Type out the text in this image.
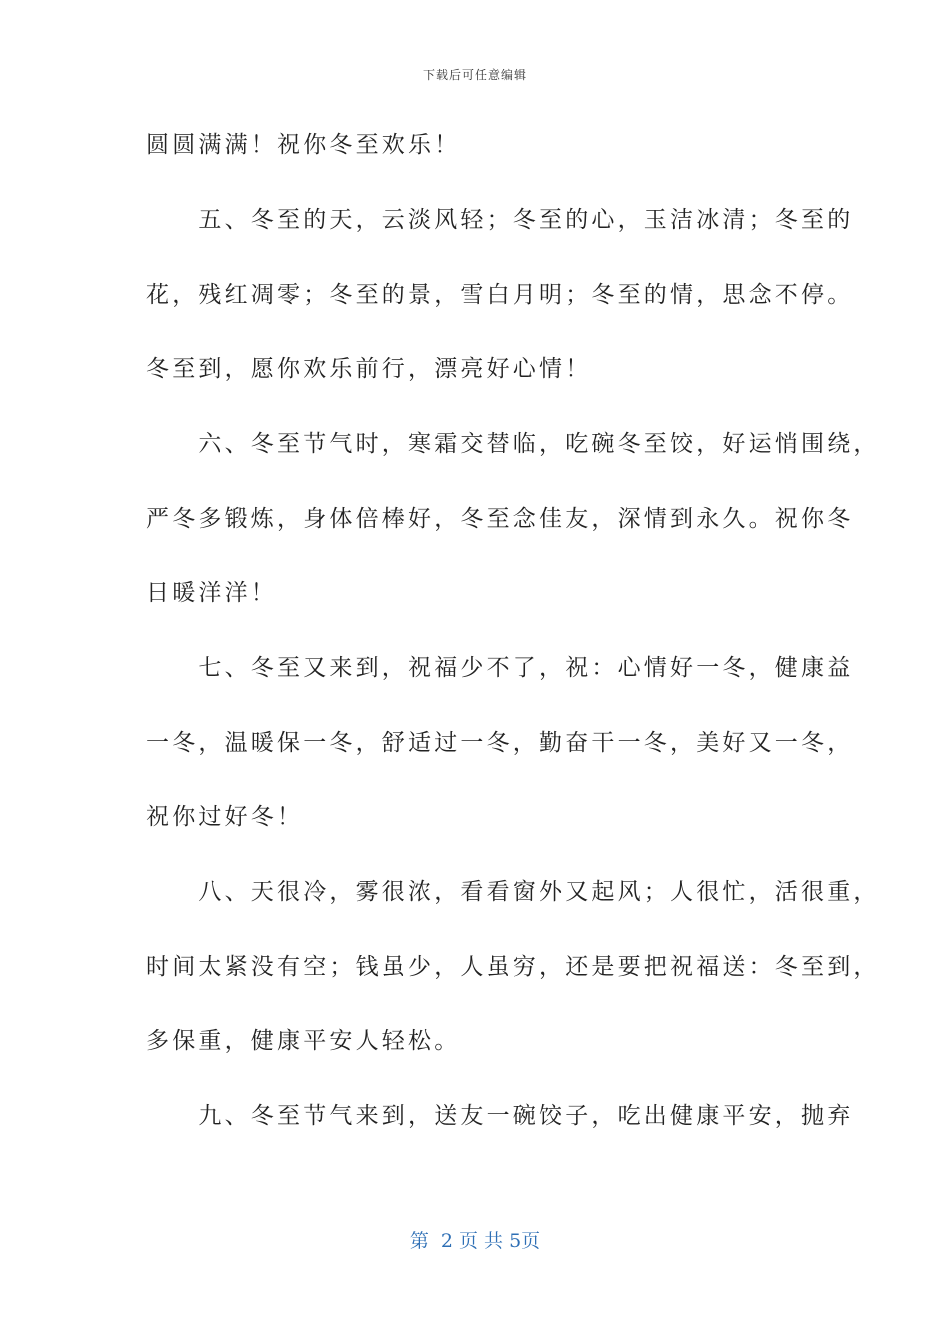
下载后可任意编辑
圆圆满满！祝你冬至欢乐！
　　五、冬至的天，云淡风轻；冬至的心，玉洁冰清；冬至的
花，残红凋零；冬至的景，雪白月明；冬至的情，思念不停。
冬至到，愿你欢乐前行，漂亮好心情！
　　六、冬至节气时，寒霜交替临，吃碗冬至饺，好运悄围绕，
严冬多锻炼，身体倍棒好，冬至念佳友，深情到永久。祝你冬
日暖洋洋！
　　七、冬至又来到，祝福少不了，祝：心情好一冬，健康益
一冬，温暖保一冬，舒适过一冬，勤奋干一冬，美好又一冬，
祝你过好冬！
　　八、天很冷，雾很浓，看看窗外又起风；人很忙，活很重，
时间太紧没有空；钱虽少，人虽穷，还是要把祝福送：冬至到，
多保重，健康平安人轻松。
　　九、冬至节气来到，送友一碗饺子，吃出健康平安，抛弃
第  2 页 共 5页
